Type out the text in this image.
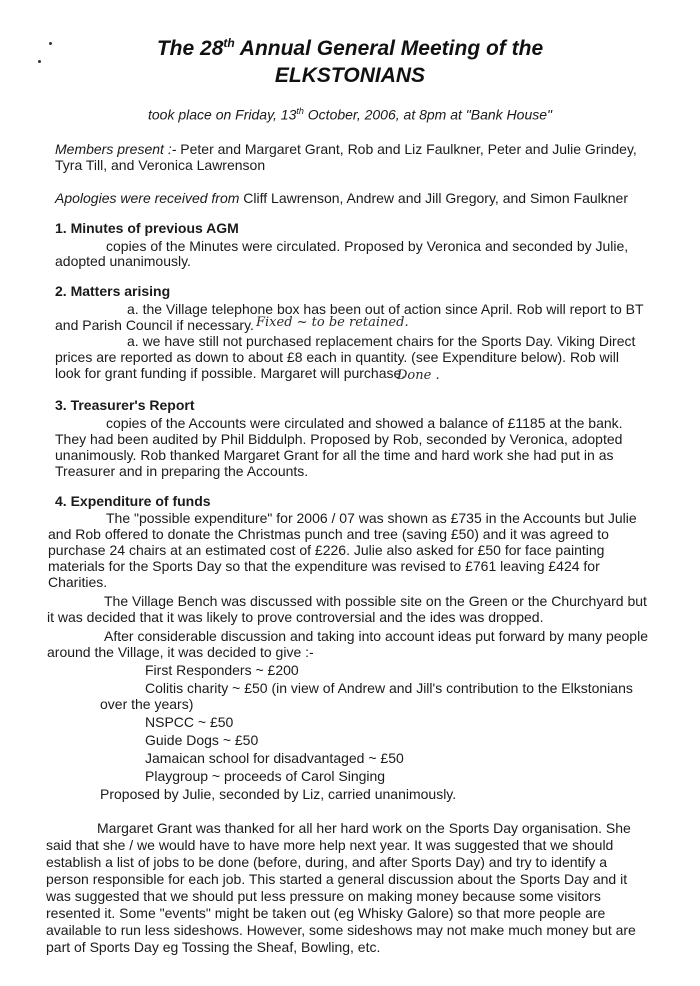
The 28th Annual General Meeting of the
ELKSTONIANS
took place on Friday, 13th October, 2006, at 8pm at "Bank House"
Members present :- Peter and Margaret Grant, Rob and Liz Faulkner, Peter and Julie Grindey,
Tyra Till, and Veronica Lawrenson
Apologies were received from Cliff Lawrenson, Andrew and Jill Gregory, and Simon Faulkner
1. Minutes of previous AGM
copies of the Minutes were circulated. Proposed by Veronica and seconded by Julie,
adopted unanimously.
2. Matters arising
a. the Village telephone box has been out of action since April. Rob will report to BT
and Parish Council if necessary. Fixed ~ to be retained.
a. we have still not purchased replacement chairs for the Sports Day. Viking Direct
prices are reported as down to about £8 each in quantity. (see Expenditure below). Rob will
look for grant funding if possible. Margaret will purchase.
Done .
3. Treasurer's Report
copies of the Accounts were circulated and showed a balance of £1185 at the bank.
They had been audited by Phil Biddulph. Proposed by Rob, seconded by Veronica, adopted
unanimously. Rob thanked Margaret Grant for all the time and hard work she had put in as
Treasurer and in preparing the Accounts.
4. Expenditure of funds
The "possible expenditure" for 2006 / 07 was shown as £735 in the Accounts but Julie
and Rob offered to donate the Christmas punch and tree (saving £50) and it was agreed to
purchase 24 chairs at an estimated cost of £226. Julie also asked for £50 for face painting
materials for the Sports Day so that the expenditure was revised to £761 leaving £424 for
Charities.
The Village Bench was discussed with possible site on the Green or the Churchyard but
it was decided that it was likely to prove controversial and the ides was dropped.
After considerable discussion and taking into account ideas put forward by many people
around the Village, it was decided to give :-
First Responders ~ £200
Colitis charity ~ £50 (in view of Andrew and Jill's contribution to the Elkstonians
over the years)
NSPCC ~ £50
Guide Dogs ~ £50
Jamaican school for disadvantaged ~ £50
Playgroup ~ proceeds of Carol Singing
Proposed by Julie, seconded by Liz, carried unanimously.
Margaret Grant was thanked for all her hard work on the Sports Day organisation. She
said that she / we would have to have more help next year. It was suggested that we should
establish a list of jobs to be done (before, during, and after Sports Day) and try to identify a
person responsible for each job. This started a general discussion about the Sports Day and it
was suggested that we should put less pressure on making money because some visitors
resented it. Some "events" might be taken out (eg Whisky Galore) so that more people are
available to run less sideshows. However, some sideshows may not make much money but are
part of Sports Day eg Tossing the Sheaf, Bowling, etc.
